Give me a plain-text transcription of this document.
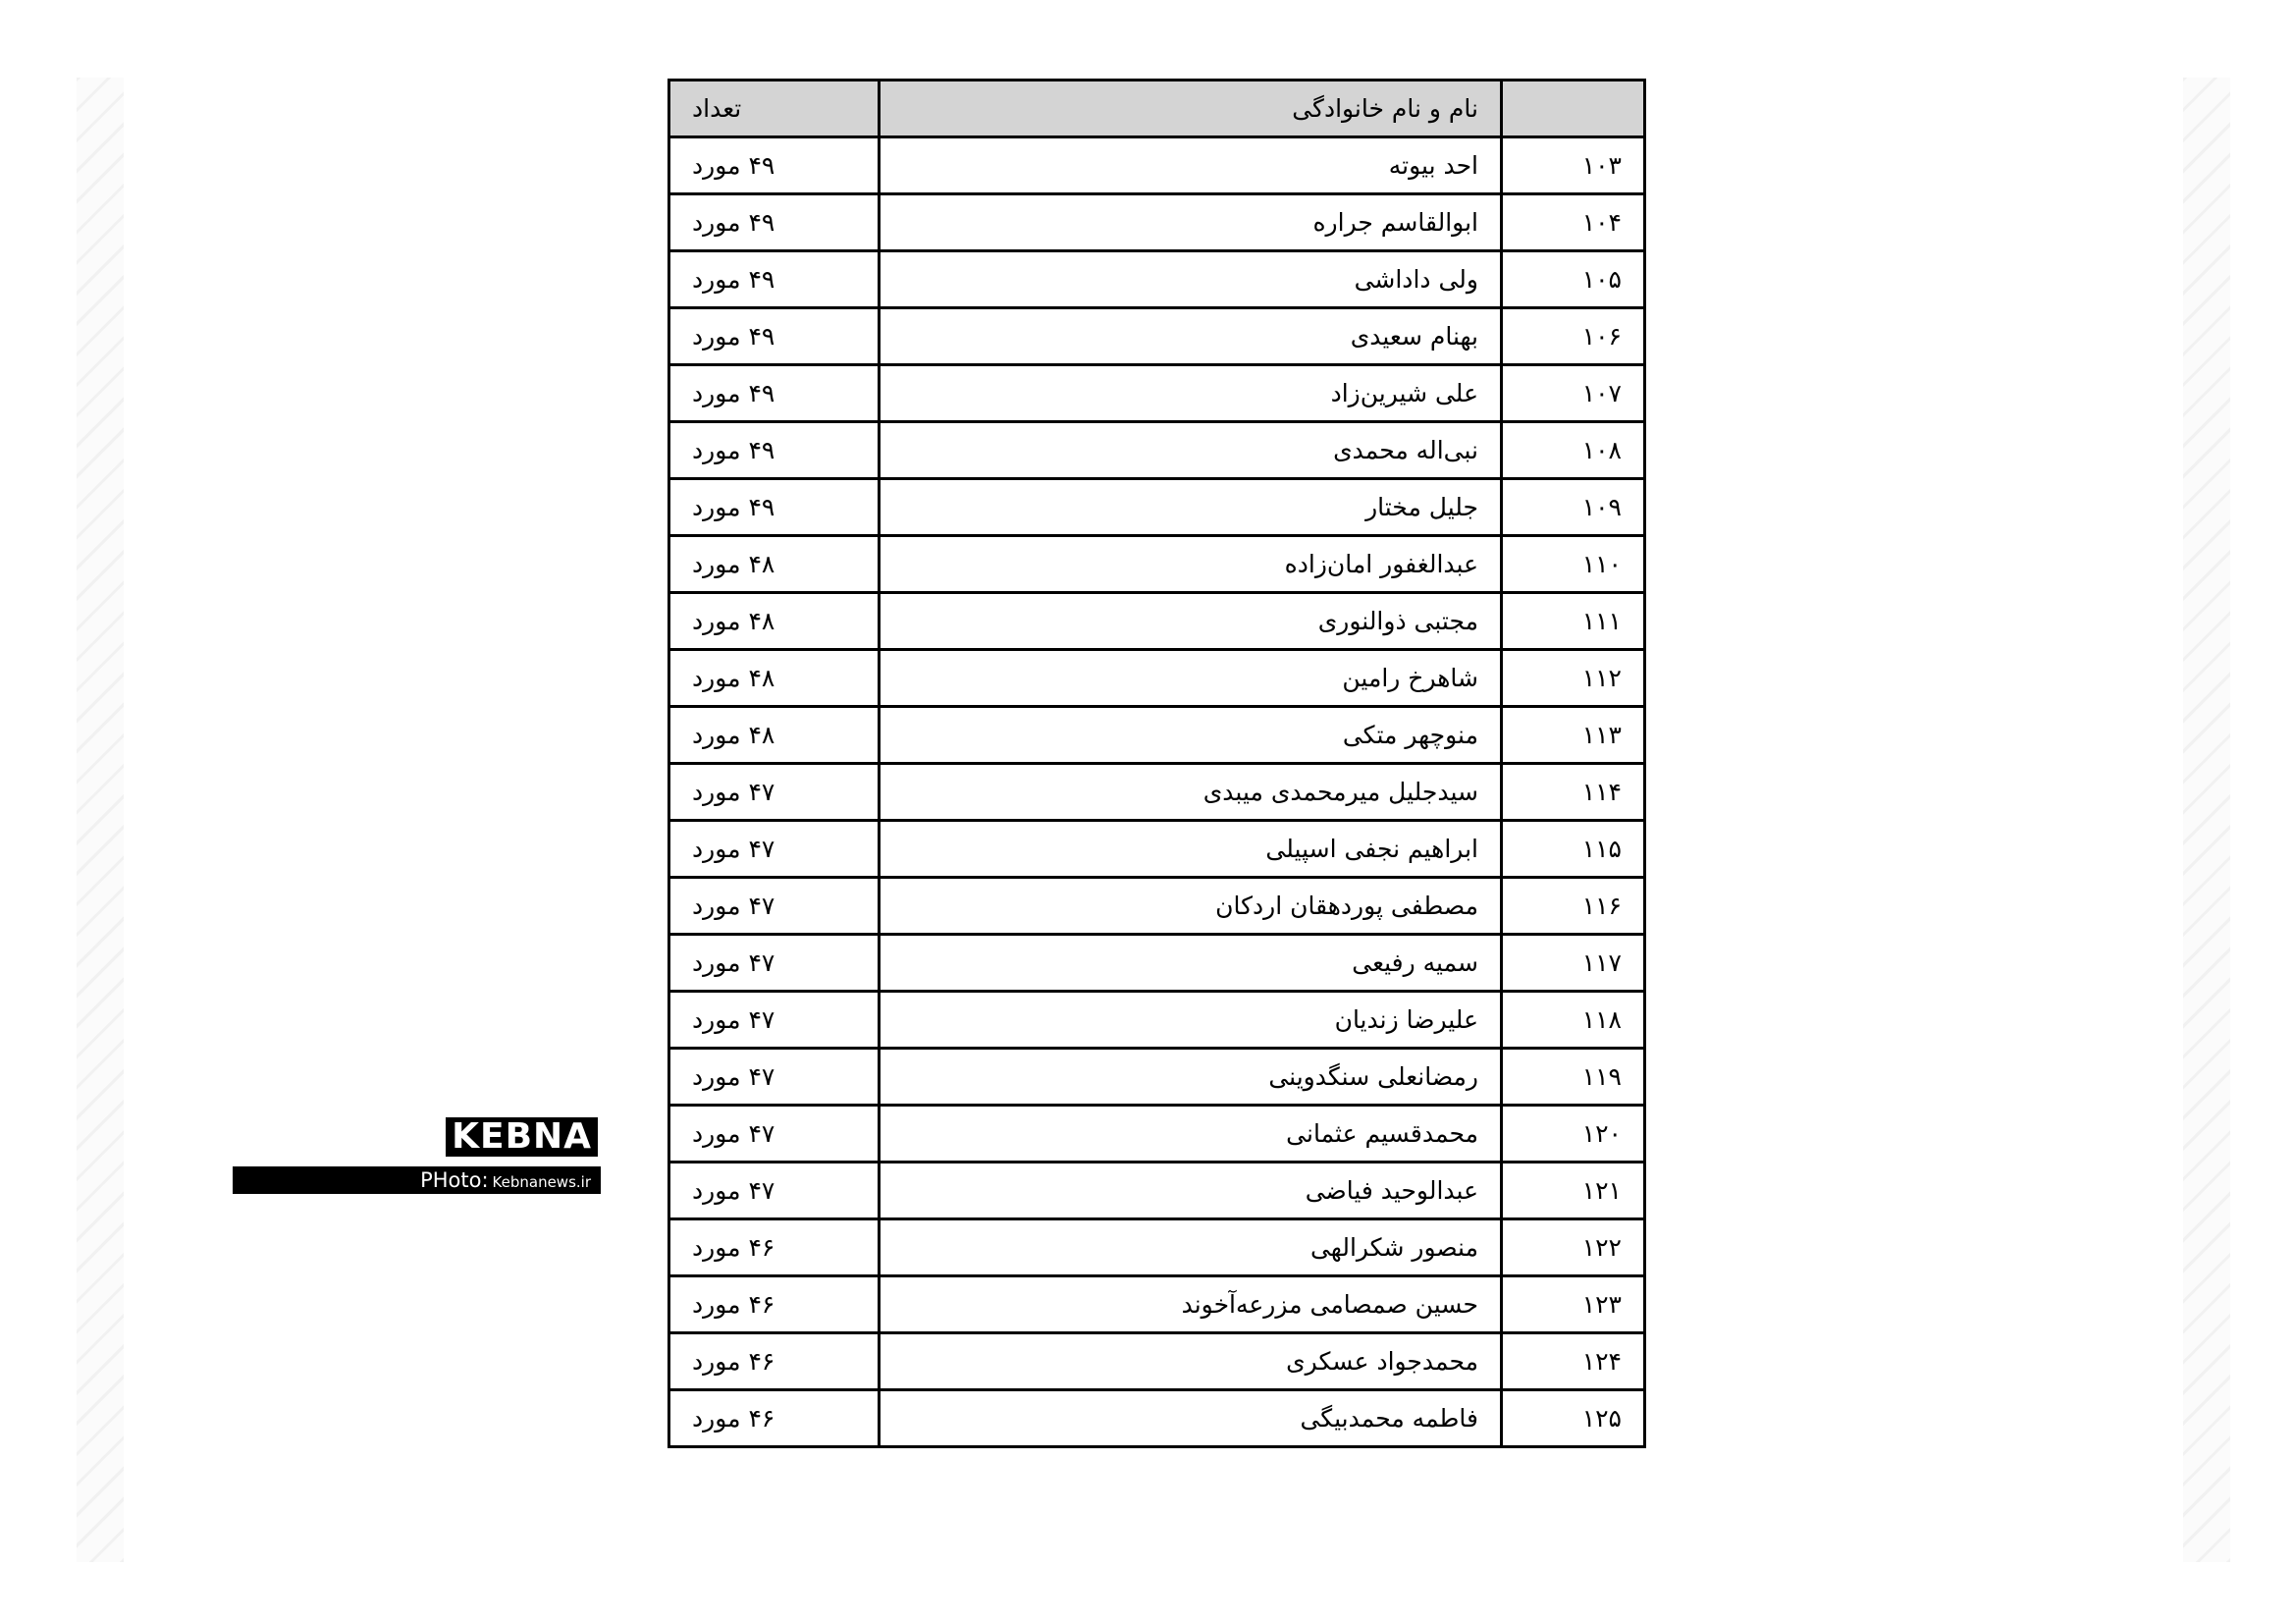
	نام و نام خانوادگی	تعداد
۱۰۳	احد بیوته	۴۹ مورد
۱۰۴	ابوالقاسم جراره	۴۹ مورد
۱۰۵	ولی داداشی	۴۹ مورد
۱۰۶	بهنام سعیدی	۴۹ مورد
۱۰۷	علی شیرین‌زاد	۴۹ مورد
۱۰۸	نبی‌اله محمدی	۴۹ مورد
۱۰۹	جلیل مختار	۴۹ مورد
۱۱۰	عبدالغفور امان‌زاده	۴۸ مورد
۱۱۱	مجتبی ذوالنوری	۴۸ مورد
۱۱۲	شاهرخ رامین	۴۸ مورد
۱۱۳	منوچهر متکی	۴۸ مورد
۱۱۴	سیدجلیل میرمحمدی میبدی	۴۷ مورد
۱۱۵	ابراهیم نجفی اسپیلی	۴۷ مورد
۱۱۶	مصطفی پوردهقان اردکان	۴۷ مورد
۱۱۷	سمیه رفیعی	۴۷ مورد
۱۱۸	علیرضا زندیان	۴۷ مورد
۱۱۹	رمضانعلی سنگدوینی	۴۷ مورد
۱۲۰	محمدقسیم عثمانی	۴۷ مورد
۱۲۱	عبدالوحید فیاضی	۴۷ مورد
۱۲۲	منصور شکرالهی	۴۶ مورد
۱۲۳	حسین صمصامی مزرعه‌آخوند	۴۶ مورد
۱۲۴	محمدجواد عسکری	۴۶ مورد
۱۲۵	فاطمه محمدبیگی	۴۶ مورد
KEBNA
PHoto: Kebnanews.ir
